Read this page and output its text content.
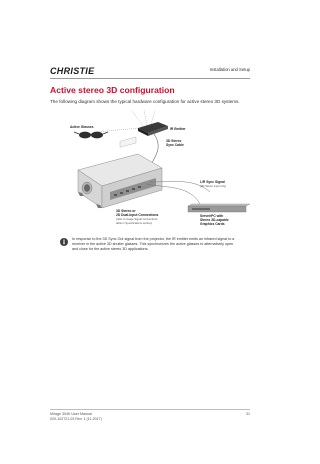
CHRISTIE	Installation and Setup
Active stereo 3D configuration
The following diagram shows the typical hardware configuration for active stereo 3D systems.
Active Glasses	IR Emitter
3D Stereo
Sync Cable
L/R Sync Signal
(3D Stereo input only)
Server/PC with
Stereo 3D-capable
Graphics Cards
3D Stereo or
2D Dual-Input Connections
(refer to Image Signal Connections
table in Specifications section)
In response to the 3D Sync Out signal from the projector, the IR emitter emits an infrared signal to a
receiver in the active 3D shutter glasses. This synchronizes the active glasses to alternatively open
and close for the active stereo 3D applications.
Mirage 304K User Manual
020-102721-03 Rev. 1 (11-2017)
31
